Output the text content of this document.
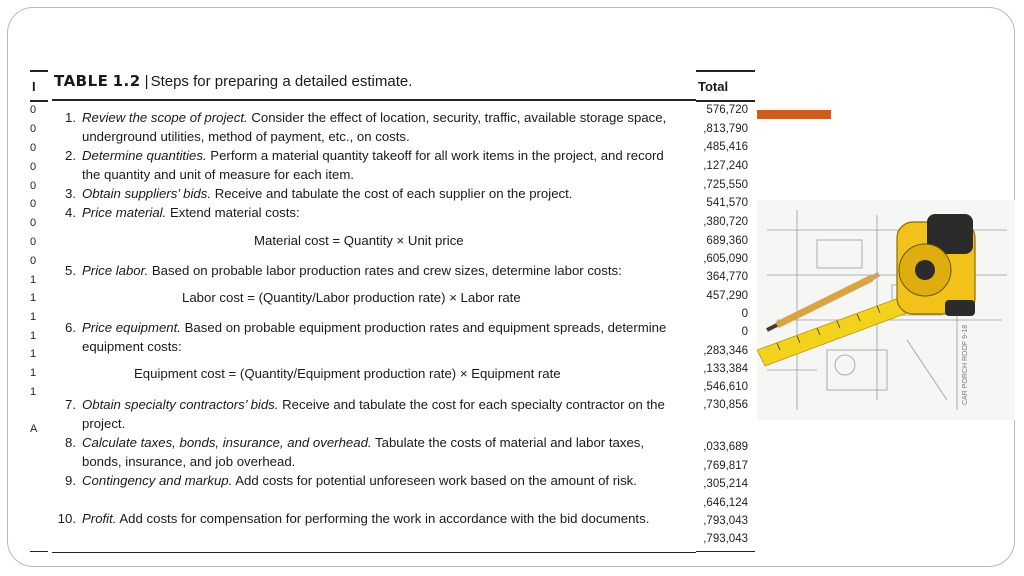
I	Total
0
0
0
0
0
0
0
0
0
1
1
1
1
1
1
1
A
576,720
,813,790
,485,416
,127,240
,725,550
541,570
,380,720
689,360
,605,090
364,770
457,290
0
0
,283,346
,133,384
,546,610
,730,856
,033,689
,769,817
,305,214
,646,124
,793,043
,793,043
CAR PORCH ROOF 9-18
TABLE 1.2 | Steps for preparing a detailed estimate.
1. Review the scope of project. Consider the effect of location, security, traffic, available storage space, underground utilities, method of payment, etc., on costs.
2. Determine quantities. Perform a material quantity takeoff for all work items in the project, and record the quantity and unit of measure for each item.
3. Obtain suppliers’ bids. Receive and tabulate the cost of each supplier on the project.
4. Price material. Extend material costs:
Material cost = Quantity × Unit price
5. Price labor. Based on probable labor production rates and crew sizes, determine labor costs:
Labor cost = (Quantity/Labor production rate) × Labor rate
6. Price equipment. Based on probable equipment production rates and equipment spreads, determine equipment costs:
Equipment cost = (Quantity/Equipment production rate) × Equipment rate
7. Obtain specialty contractors’ bids. Receive and tabulate the cost for each specialty contractor on the project.
8. Calculate taxes, bonds, insurance, and overhead. Tabulate the costs of material and labor taxes, bonds, insurance, and job overhead.
9. Contingency and markup. Add costs for potential unforeseen work based on the amount of risk.
10. Profit. Add costs for compensation for performing the work in accordance with the bid documents.
